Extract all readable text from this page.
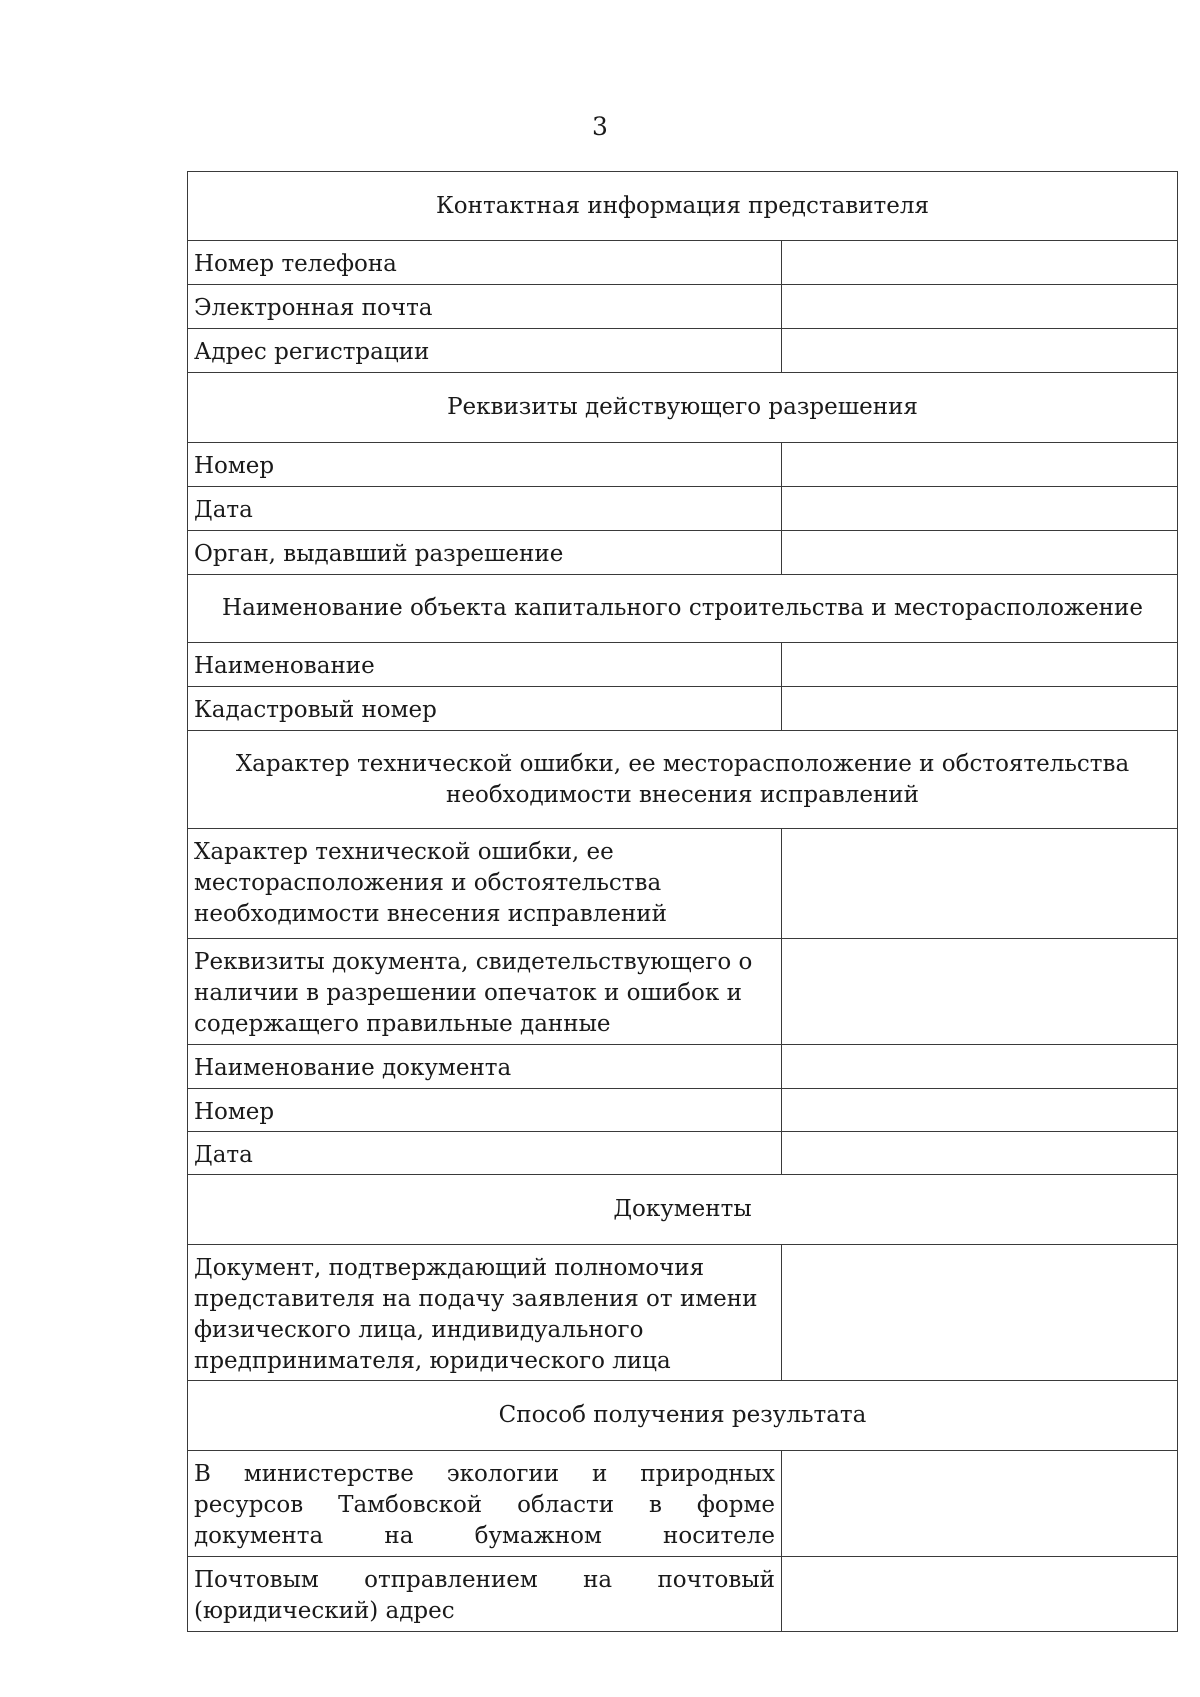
3
Контактная информация представителя	
Номер телефона	
Электронная почта	
Адрес регистрации	
Реквизиты действующего разрешения	
Номер	
Дата	
Орган, выдавший разрешение	
Наименование объекта капитального строительства и месторасположение	
Наименование	
Кадастровый номер	
Характер технической ошибки, ее месторасположение и обстоятельства необходимости внесения исправлений	
Характер технической ошибки, ее месторасположения и обстоятельства необходимости внесения исправлений	
Реквизиты документа, свидетельствующего о наличии в разрешении опечаток и ошибок и содержащего правильные данные	
Наименование документа	
Номер	
Дата	
Документы	
Документ, подтверждающий полномочия представителя на подачу заявления от имени физического лица, индивидуального предпринимателя, юридического лица	
Способ получения результата	
В министерстве экологии и природных ресурсов Тамбовской области в форме документа на бумажном носителе	
Почтовым отправлением на почтовый (юридический) адрес	
